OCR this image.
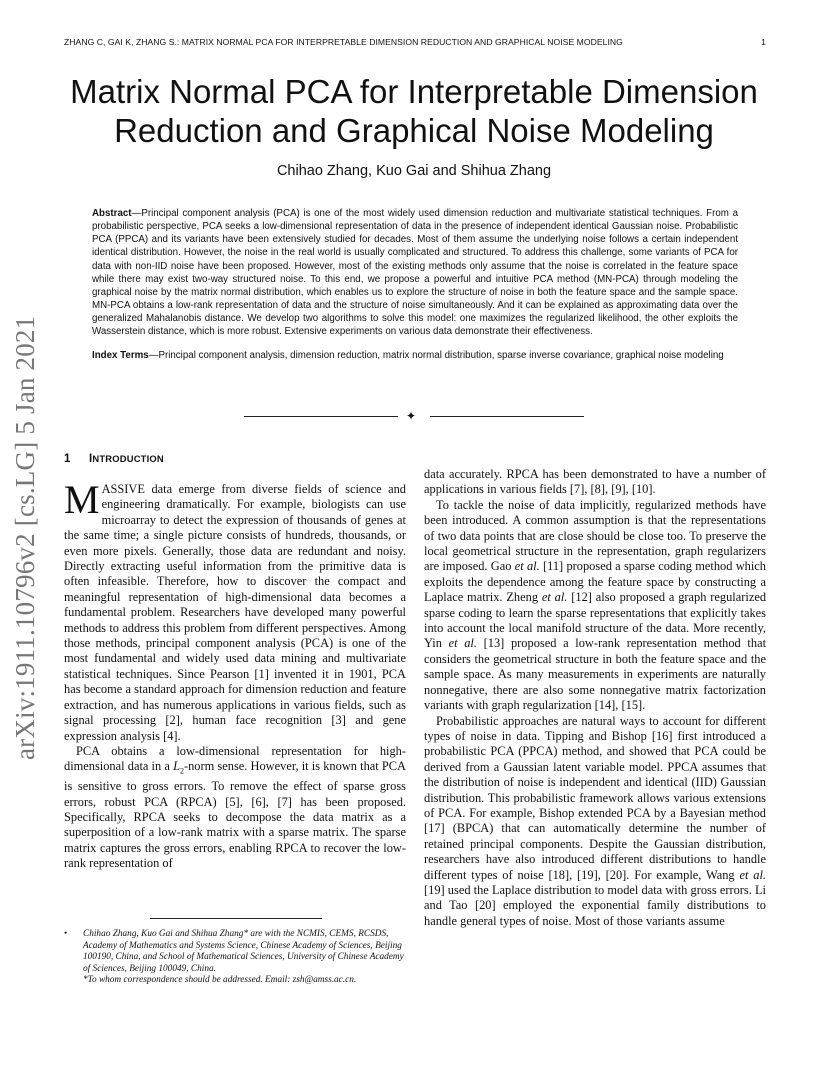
ZHANG C, GAI K, ZHANG S.: MATRIX NORMAL PCA FOR INTERPRETABLE DIMENSION REDUCTION AND GRAPHICAL NOISE MODELING	1
arXiv:1911.10796v2 [cs.LG] 5 Jan 2021
Matrix Normal PCA for Interpretable Dimension Reduction and Graphical Noise Modeling
Chihao Zhang, Kuo Gai and Shihua Zhang

Abstract—Principal component analysis (PCA) is one of the most widely used dimension reduction and multivariate statistical techniques. From a probabilistic perspective, PCA seeks a low-dimensional representation of data in the presence of independent identical Gaussian noise. Probabilistic PCA (PPCA) and its variants have been extensively studied for decades. Most of them assume the underlying noise follows a certain independent identical distribution. However, the noise in the real world is usually complicated and structured. To address this challenge, some variants of PCA for data with non-IID noise have been proposed. However, most of the existing methods only assume that the noise is correlated in the feature space while there may exist two-way structured noise. To this end, we propose a powerful and intuitive PCA method (MN-PCA) through modeling the graphical noise by the matrix normal distribution, which enables us to explore the structure of noise in both the feature space and the sample space. MN-PCA obtains a low-rank representation of data and the structure of noise simultaneously. And it can be explained as approximating data over the generalized Mahalanobis distance. We develop two algorithms to solve this model: one maximizes the regularized likelihood, the other exploits the Wasserstein distance, which is more robust. Extensive experiments on various data demonstrate their effectiveness.

Index Terms—Principal component analysis, dimension reduction, matrix normal distribution, sparse inverse covariance, graphical noise modeling

✦
1 INTRODUCTION

MASSIVE data emerge from diverse fields of science and engineering dramatically. For example, biologists can use microarray to detect the expression of thousands of genes at the same time; a single picture consists of hundreds, thousands, or even more pixels. Generally, those data are redundant and noisy. Directly extracting useful information from the primitive data is often infeasible. Therefore, how to discover the compact and meaningful representation of high-dimensional data becomes a fundamental problem. Researchers have developed many powerful methods to address this problem from different perspectives. Among those methods, principal component analysis (PCA) is one of the most fundamental and widely used data mining and multivariate statistical techniques. Since Pearson [1] invented it in 1901, PCA has become a standard approach for dimension reduction and feature extraction, and has numerous applications in various fields, such as signal processing [2], human face recognition [3] and gene expression analysis [4].

PCA obtains a low-dimensional representation for high-dimensional data in a $L_2$-norm sense. However, it is known that PCA is sensitive to gross errors. To remove the effect of sparse gross errors, robust PCA (RPCA) [5], [6], [7] has been proposed. Specifically, RPCA seeks to decompose the data matrix as a superposition of a low-rank matrix with a sparse matrix. The sparse matrix captures the gross errors, enabling RPCA to recover the low-rank representation of

data accurately. RPCA has been demonstrated to have a number of applications in various fields [7], [8], [9], [10].

To tackle the noise of data implicitly, regularized methods have been introduced. A common assumption is that the representations of two data points that are close should be close too. To preserve the local geometrical structure in the representation, graph regularizers are imposed. Gao et al. [11] proposed a sparse coding method which exploits the dependence among the feature space by constructing a Laplace matrix. Zheng et al. [12] also proposed a graph regularized sparse coding to learn the sparse representations that explicitly takes into account the local manifold structure of the data. More recently, Yin et al. [13] proposed a low-rank representation method that considers the geometrical structure in both the feature space and the sample space. As many measurements in experiments are naturally nonnegative, there are also some nonnegative matrix factorization variants with graph regularization [14], [15].

Probabilistic approaches are natural ways to account for different types of noise in data. Tipping and Bishop [16] first introduced a probabilistic PCA (PPCA) method, and showed that PCA could be derived from a Gaussian latent variable model. PPCA assumes that the distribution of noise is independent and identical (IID) Gaussian distribution. This probabilistic framework allows various extensions of PCA. For example, Bishop extended PCA by a Bayesian method [17] (BPCA) that can automatically determine the number of retained principal components. Despite the Gaussian distribution, researchers have also introduced different distributions to handle different types of noise [18], [19], [20]. For example, Wang et al. [19] used the Laplace distribution to model data with gross errors. Li and Tao [20] employed the exponential family distributions to handle general types of noise. Most of those variants assume

• Chihao Zhang, Kuo Gai and Shihua Zhang* are with the NCMIS, CEMS, RCSDS, Academy of Mathematics and Systems Science, Chinese Academy of Sciences, Beijing 100190, China, and School of Mathematical Sciences, University of Chinese Academy of Sciences, Beijing 100049, China.
*To whom correspondence should be addressed. Email: zsh@amss.ac.cn.
